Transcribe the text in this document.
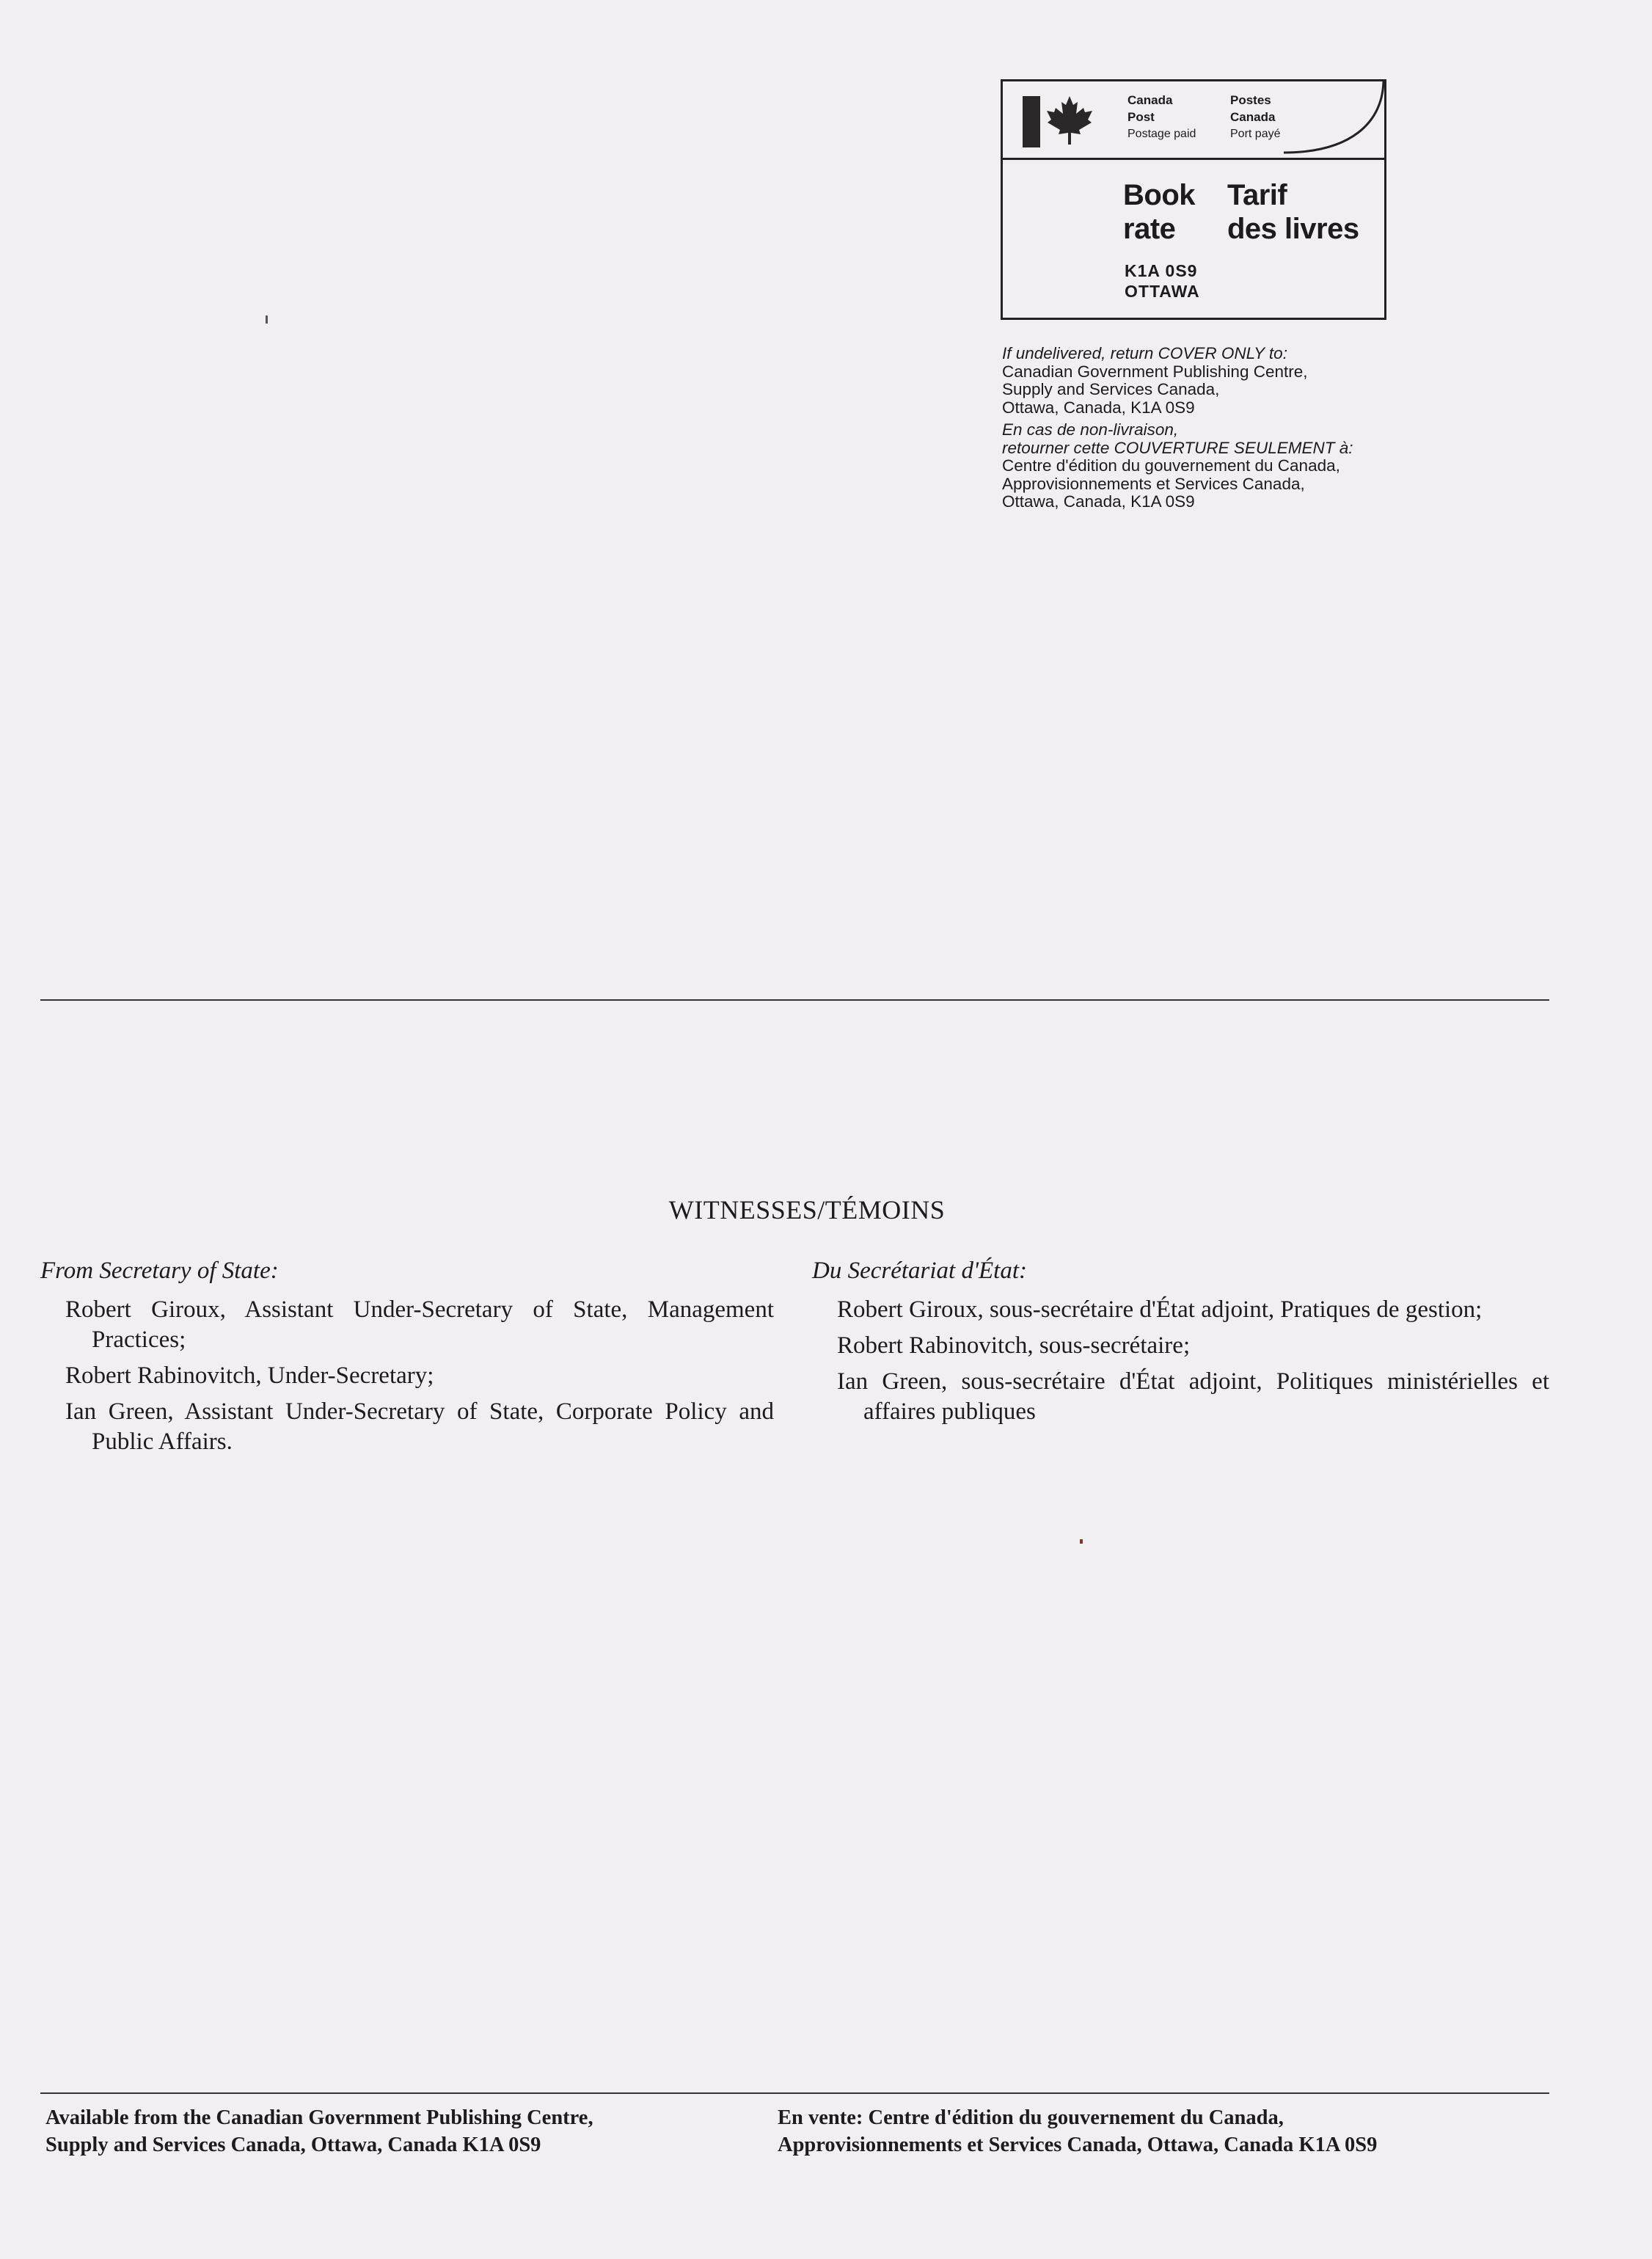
Canada
Post
Postage paid
Postes
Canada
Port payé
Book
rate
Tarif
des livres
K1A 0S9
OTTAWA
If undelivered, return COVER ONLY to:
Canadian Government Publishing Centre,
Supply and Services Canada,
Ottawa, Canada, K1A 0S9
En cas de non-livraison,
retourner cette COUVERTURE SEULEMENT à:
Centre d'édition du gouvernement du Canada,
Approvisionnements et Services Canada,
Ottawa, Canada, K1A 0S9
WITNESSES/TÉMOINS
From Secretary of State:
Robert Giroux, Assistant Under-Secretary of State, Management Practices;
Robert Rabinovitch, Under-Secretary;
Ian Green, Assistant Under-Secretary of State, Corporate Policy and Public Affairs.
Du Secrétariat d'État:
Robert Giroux, sous-secrétaire d'État adjoint, Pratiques de gestion;
Robert Rabinovitch, sous-secrétaire;
Ian Green, sous-secrétaire d'État adjoint, Politiques ministérielles et affaires publiques
Available from the Canadian Government Publishing Centre,
Supply and Services Canada, Ottawa, Canada K1A 0S9
En vente: Centre d'édition du gouvernement du Canada,
Approvisionnements et Services Canada, Ottawa, Canada K1A 0S9
